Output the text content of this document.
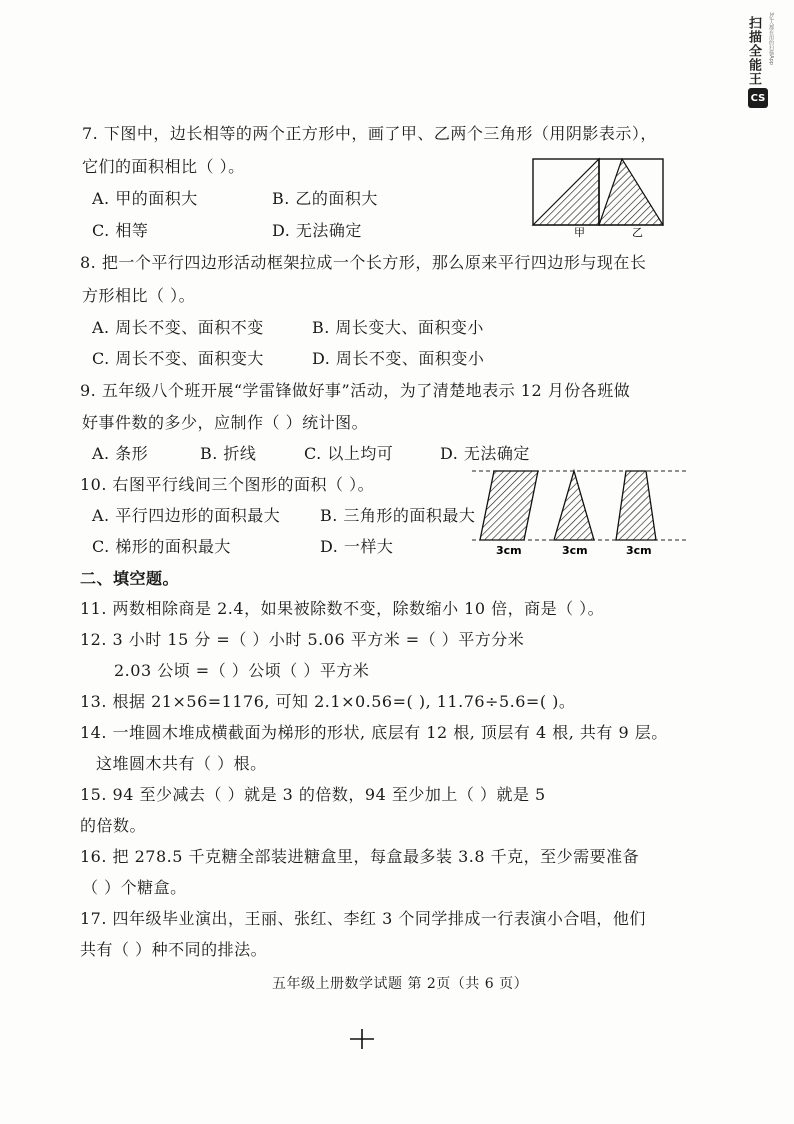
扫描全能王
CS
3亿人都在用的扫描App
7. 下图中，边长相等的两个正方形中，画了甲、乙两个三角形（用阴影表示），
它们的面积相比（ ）。
A. 甲的面积大	B. 乙的面积大
C. 相等	D. 无法确定	甲	乙
8. 把一个平行四边形活动框架拉成一个长方形，那么原来平行四边形与现在长
方形相比（ ）。
A. 周长不变、面积不变	B. 周长变大、面积变小
C. 周长不变、面积变大	D. 周长不变、面积变小
9. 五年级八个班开展“学雷锋做好事”活动，为了清楚地表示 12 月份各班做
好事件数的多少，应制作（ ）统计图。
A. 条形	B. 折线	C. 以上均可	D. 无法确定
10. 右图平行线间三个图形的面积（ ）。
A. 平行四边形的面积最大 B. 三角形的面积最大
C. 梯形的面积最大	D. 一样大	3cm	3cm	3cm
二、填空题。
11. 两数相除商是 2.4，如果被除数不变，除数缩小 10 倍，商是（ ）。
12. 3 小时 15 分 =（ ）小时 5.06 平方米 =（ ）平方分米
2.03 公顷 =（ ）公顷（ ）平方米
13. 根据 21×56=1176, 可知 2.1×0.56=( ), 11.76÷5.6=( )。
14. 一堆圆木堆成横截面为梯形的形状, 底层有 12 根, 顶层有 4 根, 共有 9 层。
这堆圆木共有（ ）根。
15. 94 至少减去（ ）就是 3 的倍数，94 至少加上（ ）就是 5
的倍数。
16. 把 278.5 千克糖全部装进糖盒里，每盒最多装 3.8 千克，至少需要准备
（ ）个糖盒。
17. 四年级毕业演出，王丽、张红、李红 3 个同学排成一行表演小合唱，他们
共有（ ）种不同的排法。
五年级上册数学试题 第 2页（共 6 页）
